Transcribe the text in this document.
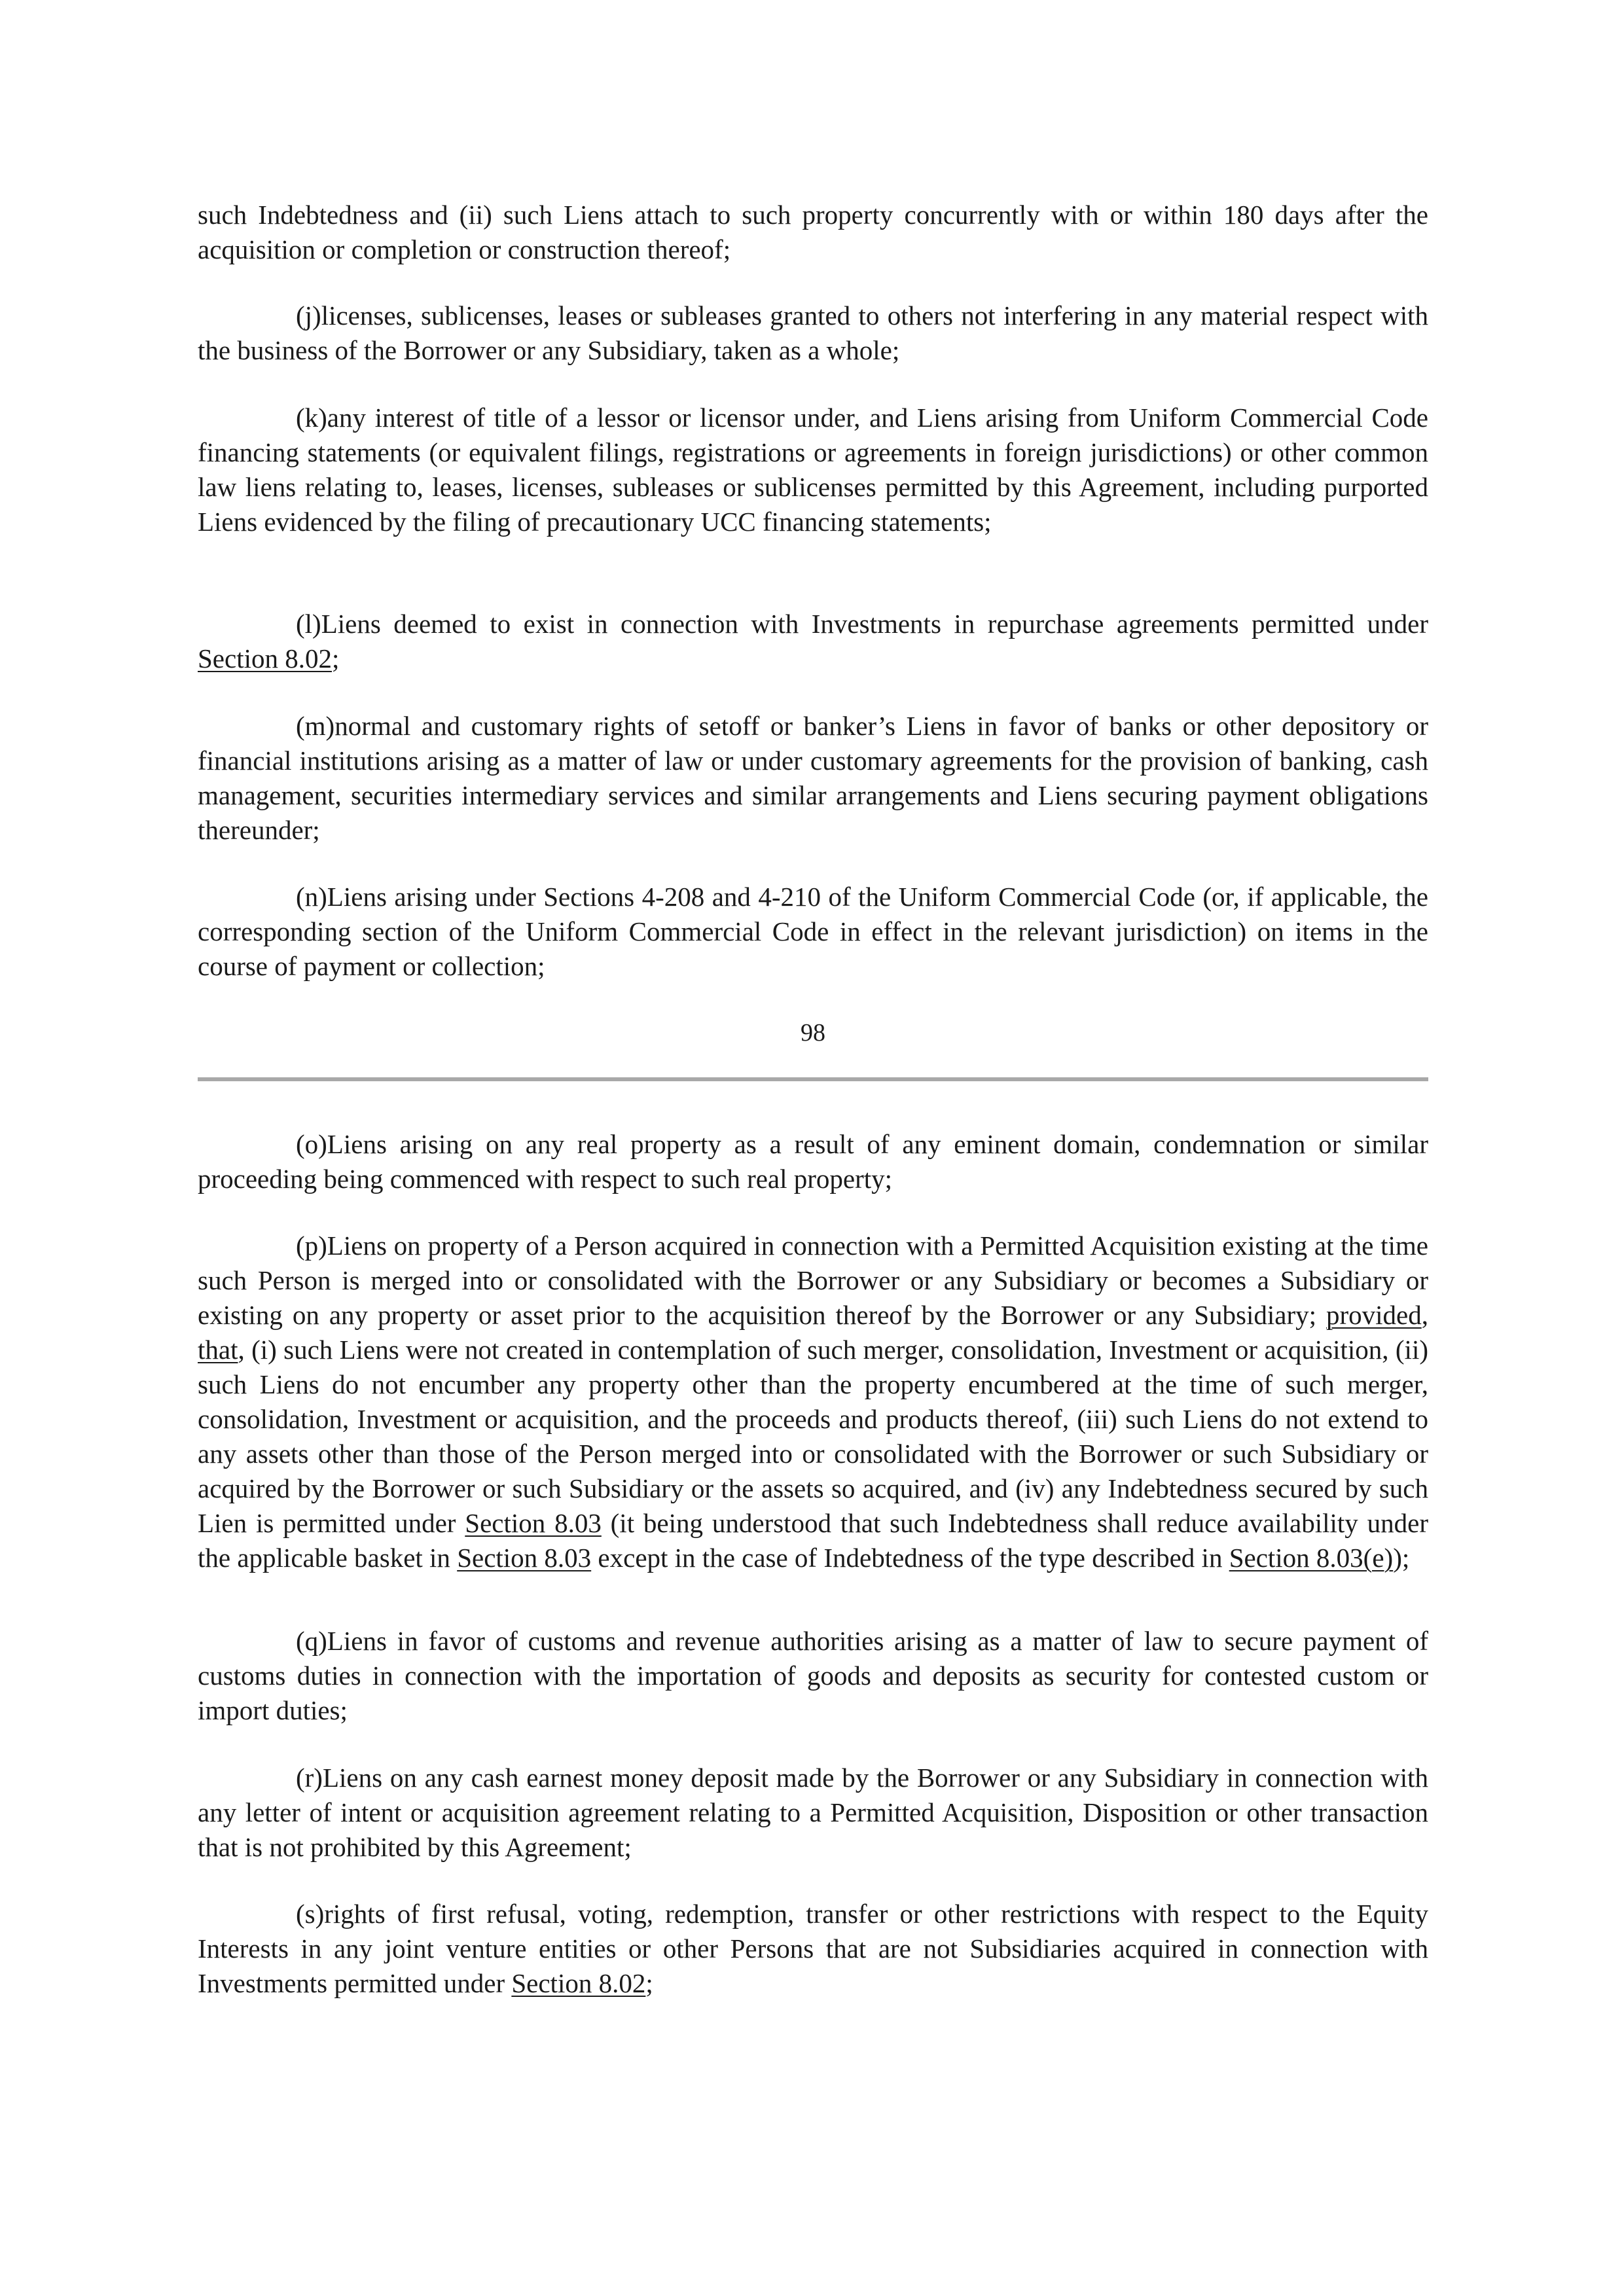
such Indebtedness and (ii) such Liens attach to such property concurrently with or within 180 days after the acquisition or completion or construction thereof;

(j)licenses, sublicenses, leases or subleases granted to others not interfering in any material respect with the business of the Borrower or any Subsidiary, taken as a whole;

(k)any interest of title of a lessor or licensor under, and Liens arising from Uniform Commercial Code financing statements (or equivalent filings, registrations or agreements in foreign jurisdictions) or other common law liens relating to, leases, licenses, subleases or sublicenses permitted by this Agreement, including purported Liens evidenced by the filing of precautionary UCC financing statements;

(l)Liens deemed to exist in connection with Investments in repurchase agreements permitted under Section 8.02;

(m)normal and customary rights of setoff or banker’s Liens in favor of banks or other depository or financial institutions arising as a matter of law or under customary agreements for the provision of banking, cash management, securities intermediary services and similar arrangements and Liens securing payment obligations thereunder;

(n)Liens arising under Sections 4-208 and 4-210 of the Uniform Commercial Code (or, if applicable, the corresponding section of the Uniform Commercial Code in effect in the relevant jurisdiction) on items in the course of payment or collection;

98

(o)Liens arising on any real property as a result of any eminent domain, condemnation or similar proceeding being commenced with respect to such real property;

(p)Liens on property of a Person acquired in connection with a Permitted Acquisition existing at the time such Person is merged into or consolidated with the Borrower or any Subsidiary or becomes a Subsidiary or existing on any property or asset prior to the acquisition thereof by the Borrower or any Subsidiary; provided, that, (i) such Liens were not created in contemplation of such merger, consolidation, Investment or acquisition, (ii) such Liens do not encumber any property other than the property encumbered at the time of such merger, consolidation, Investment or acquisition, and the proceeds and products thereof, (iii) such Liens do not extend to any assets other than those of the Person merged into or consolidated with the Borrower or such Subsidiary or acquired by the Borrower or such Subsidiary or the assets so acquired, and (iv) any Indebtedness secured by such Lien is permitted under Section 8.03 (it being understood that such Indebtedness shall reduce availability under the applicable basket in Section 8.03 except in the case of Indebtedness of the type described in Section 8.03(e));

(q)Liens in favor of customs and revenue authorities arising as a matter of law to secure payment of customs duties in connection with the importation of goods and deposits as security for contested custom or import duties;

(r)Liens on any cash earnest money deposit made by the Borrower or any Subsidiary in connection with any letter of intent or acquisition agreement relating to a Permitted Acquisition, Disposition or other transaction that is not prohibited by this Agreement;

(s)rights of first refusal, voting, redemption, transfer or other restrictions with respect to the Equity Interests in any joint venture entities or other Persons that are not Subsidiaries acquired in connection with Investments permitted under Section 8.02;
